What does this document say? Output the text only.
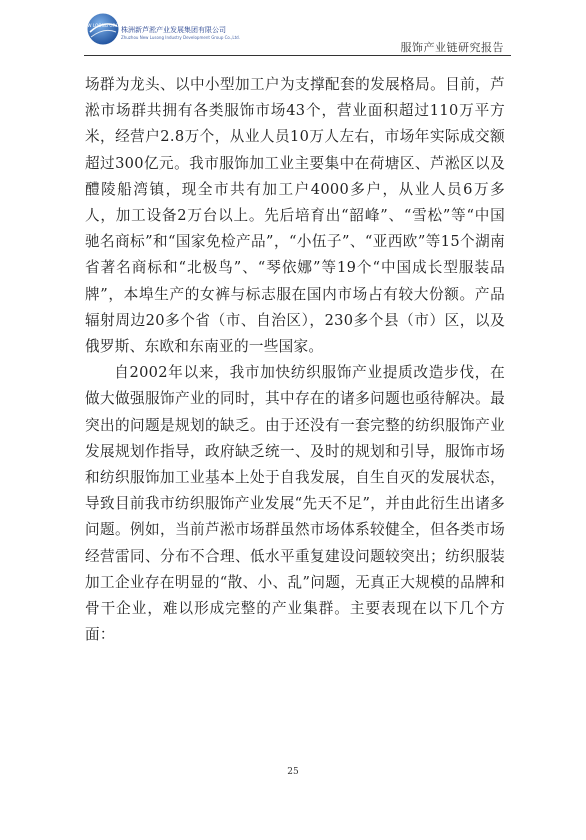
NEW LOONG GROUP
株洲新芦淞产业发展集团有限公司
Zhuzhou New Lusong Industry Development Group Co.,Ltd.
服饰产业链研究报告

场群为龙头、以中小型加工户为支撑配套的发展格局。目前，芦淞市场群共拥有各类服饰市场43个，营业面积超过110万平方米，经营户2.8万个，从业人员10万人左右，市场年实际成交额超过300亿元。我市服饰加工业主要集中在荷塘区、芦淞区以及醴陵船湾镇，现全市共有加工户4000多户，从业人员6万多人，加工设备2万台以上。先后培育出“韶峰”、“雪松”等“中国驰名商标”和“国家免检产品”，“小伍子”、“亚西欧”等15个湖南省著名商标和“北极鸟”、“琴依娜”等19个“中国成长型服装品牌”，本埠生产的女裤与标志服在国内市场占有较大份额。产品辐射周边20多个省（市、自治区），230多个县（市）区，以及俄罗斯、东欧和东南亚的一些国家。

自2002年以来，我市加快纺织服饰产业提质改造步伐，在做大做强服饰产业的同时，其中存在的诸多问题也亟待解决。最突出的问题是规划的缺乏。由于还没有一套完整的纺织服饰产业发展规划作指导，政府缺乏统一、及时的规划和引导，服饰市场和纺织服饰加工业基本上处于自我发展，自生自灭的发展状态，导致目前我市纺织服饰产业发展“先天不足”，并由此衍生出诸多问题。例如，当前芦淞市场群虽然市场体系较健全，但各类市场经营雷同、分布不合理、低水平重复建设问题较突出；纺织服装加工企业存在明显的“散、小、乱”问题，无真正大规模的品牌和骨干企业，难以形成完整的产业集群。主要表现在以下几个方面：

25
